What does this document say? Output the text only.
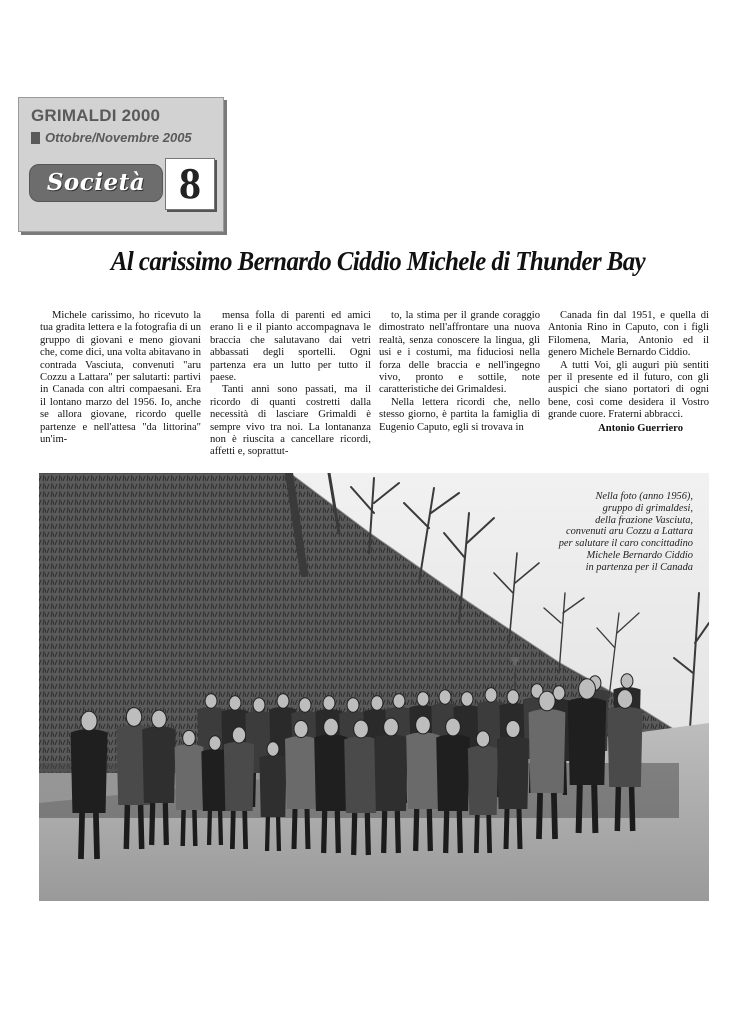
GRIMALDI 2000
Ottobre/Novembre 2005
Società 8
Al carissimo Bernardo Ciddio Michele di Thunder Bay

Michele carissimo, ho ricevuto la tua gradita lettera e la fotografia di un gruppo di giovani e meno giovani che, come dici, una volta abitavano in contrada Vasciuta, convenuti "aru Cozzu a Lattara" per salutarti: partivi in Canada con altri compaesani. Era il lontano marzo del 1956. Io, anche se allora giovane, ricordo quelle partenze e nell'attesa "da littorina" un'im-

mensa folla di parenti ed amici erano lì e il pianto accompagnava le braccia che salutavano dai vetri abbassati degli sportelli. Ogni partenza era un lutto per tutto il paese.

Tanti anni sono passati, ma il ricordo di quanti costretti dalla necessità di lasciare Grimaldi è sempre vivo tra noi. La lontananza non è riuscita a cancellare ricordi, affetti e, soprattut-

to, la stima per il grande coraggio dimostrato nell'affrontare una nuova realtà, senza conoscere la lingua, gli usi e i costumi, ma fiduciosi nella forza delle braccia e nell'ingegno vivo, pronto e sottile, note caratteristiche dei Grimaldesi.

Nella lettera ricordi che, nello stesso giorno, è partita la famiglia di Eugenio Caputo, egli si trovava in

Canada fin dal 1951, e quella di Antonia Rino in Caputo, con i figli Filomena, Maria, Antonio ed il genero Michele Bernardo Ciddio.

A tutti Voi, gli auguri più sentiti per il presente ed il futuro, con gli auspici che siano portatori di ogni bene, così come desidera il Vostro grande cuore. Fraterni abbracci.

Antonio Guerriero
Nella foto (anno 1956),
gruppo di grimaldesi,
della frazione Vasciuta,
convenuti aru Cozzu a Lattara
per salutare il caro concittadino
Michele Bernardo Ciddio
in partenza per il Canada
